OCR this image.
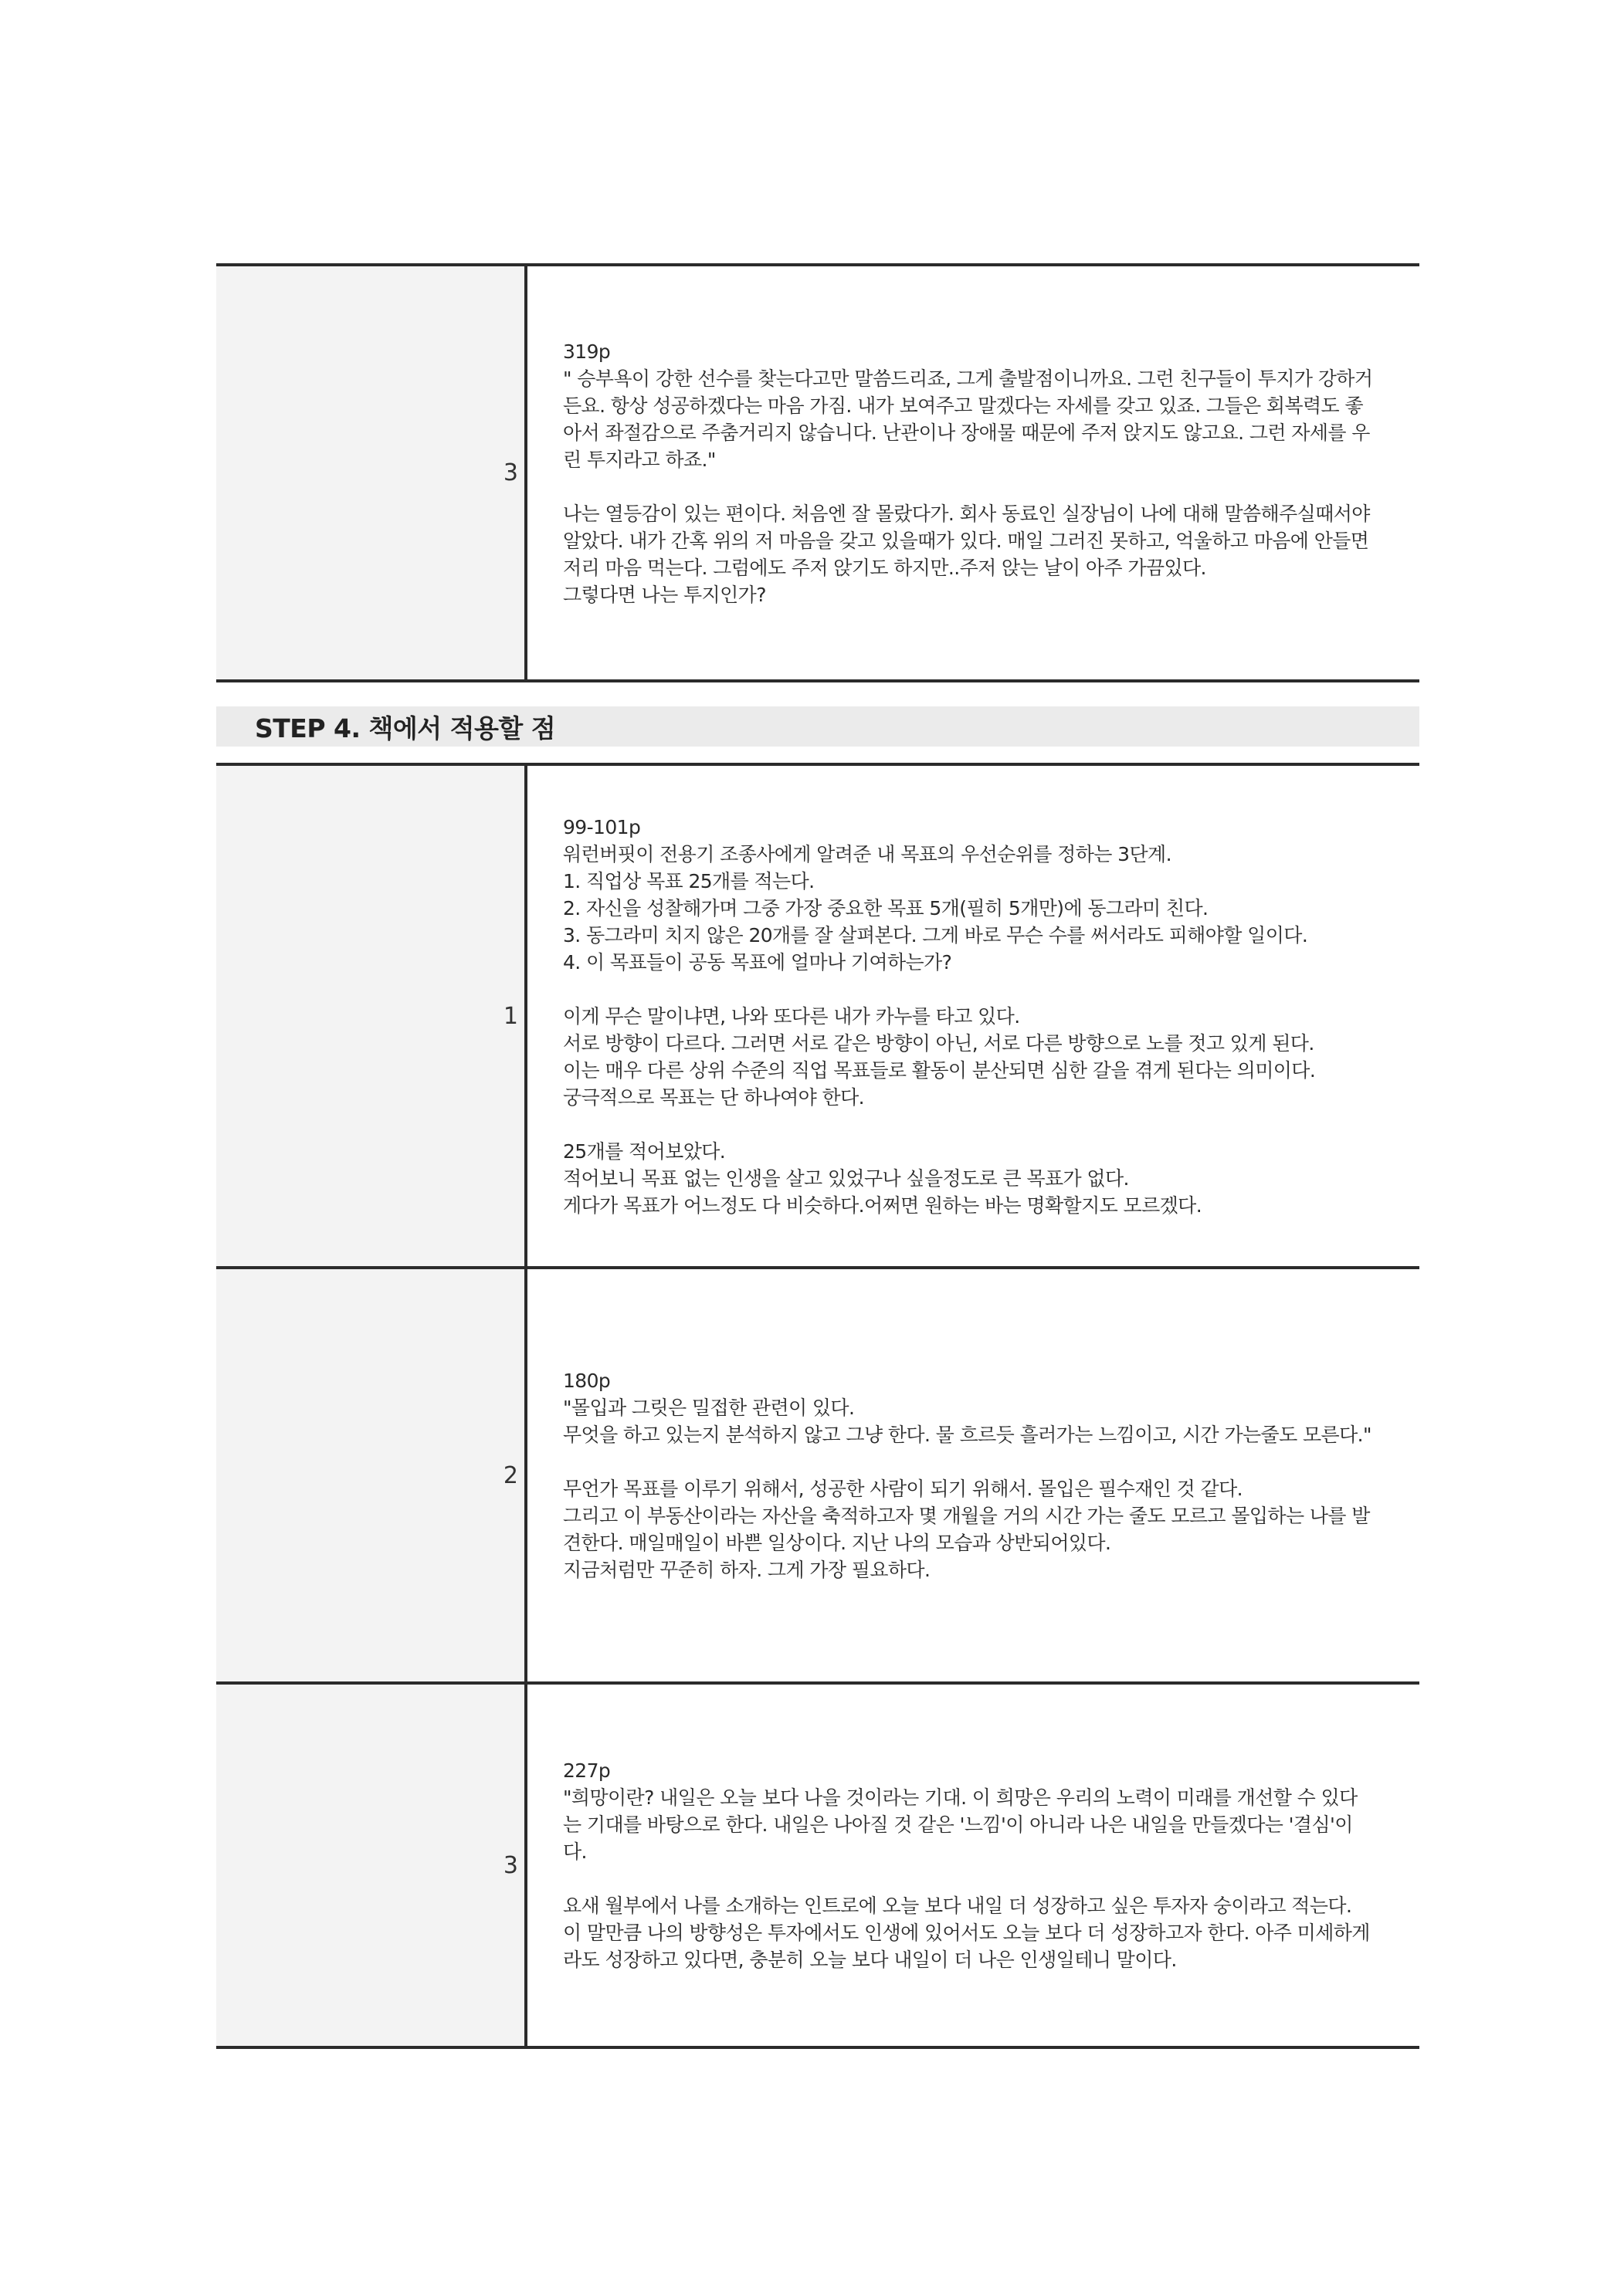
3
319p
" 승부욕이 강한 선수를 찾는다고만 말씀드리죠, 그게 출발점이니까요. 그런 친구들이 투지가 강하거
든요. 항상 성공하겠다는 마음 가짐. 내가 보여주고 말겠다는 자세를 갖고 있죠. 그들은 회복력도 좋
아서 좌절감으로 주춤거리지 않습니다. 난관이나 장애물 때문에 주저 앉지도 않고요. 그런 자세를 우
린 투지라고 하죠."
나는 열등감이 있는 편이다. 처음엔 잘 몰랐다가. 회사 동료인 실장님이 나에 대해 말씀해주실때서야
알았다. 내가 간혹 위의 저 마음을 갖고 있을때가 있다. 매일 그러진 못하고, 억울하고 마음에 안들면
저리 마음 먹는다. 그럼에도 주저 앉기도 하지만..주저 앉는 날이 아주 가끔있다.
그렇다면 나는 투지인가?
STEP 4. 책에서 적용할 점
1
99-101p
워런버핏이 전용기 조종사에게 알려준 내 목표의 우선순위를 정하는 3단계.
1. 직업상 목표 25개를 적는다.
2. 자신을 성찰해가며 그중 가장 중요한 목표 5개(필히 5개만)에 동그라미 친다.
3. 동그라미 치지 않은 20개를 잘 살펴본다. 그게 바로 무슨 수를 써서라도 피해야할 일이다.
4. 이 목표들이 공동 목표에 얼마나 기여하는가?
이게 무슨 말이냐면, 나와 또다른 내가 카누를 타고 있다.
서로 방향이 다르다. 그러면 서로 같은 방향이 아닌, 서로 다른 방향으로 노를 젓고 있게 된다.
이는 매우 다른 상위 수준의 직업 목표들로 활동이 분산되면 심한 갈을 겪게 된다는 의미이다.
궁극적으로 목표는 단 하나여야 한다.
25개를 적어보았다.
적어보니 목표 없는 인생을 살고 있었구나 싶을정도로 큰 목표가 없다.
게다가 목표가 어느정도 다 비슷하다.어쩌면 원하는 바는 명확할지도 모르겠다.
2
180p
"몰입과 그릿은 밀접한 관련이 있다.
무엇을 하고 있는지 분석하지 않고 그냥 한다. 물 흐르듯 흘러가는 느낌이고, 시간 가는줄도 모른다."
무언가 목표를 이루기 위해서, 성공한 사람이 되기 위해서. 몰입은 필수재인 것 같다.
그리고 이 부동산이라는 자산을 축적하고자 몇 개월을 거의 시간 가는 줄도 모르고 몰입하는 나를 발
견한다. 매일매일이 바쁜 일상이다. 지난 나의 모습과 상반되어있다.
지금처럼만 꾸준히 하자. 그게 가장 필요하다.
3
227p
"희망이란? 내일은 오늘 보다 나을 것이라는 기대. 이 희망은 우리의 노력이 미래를 개선할 수 있다
는 기대를 바탕으로 한다. 내일은 나아질 것 같은 '느낌'이 아니라 나은 내일을 만들겠다는 '결심'이
다.
요새 월부에서 나를 소개하는 인트로에 오늘 보다 내일 더 성장하고 싶은 투자자 숭이라고 적는다.
이 말만큼 나의 방향성은 투자에서도 인생에 있어서도 오늘 보다 더 성장하고자 한다. 아주 미세하게
라도 성장하고 있다면, 충분히 오늘 보다 내일이 더 나은 인생일테니 말이다.
